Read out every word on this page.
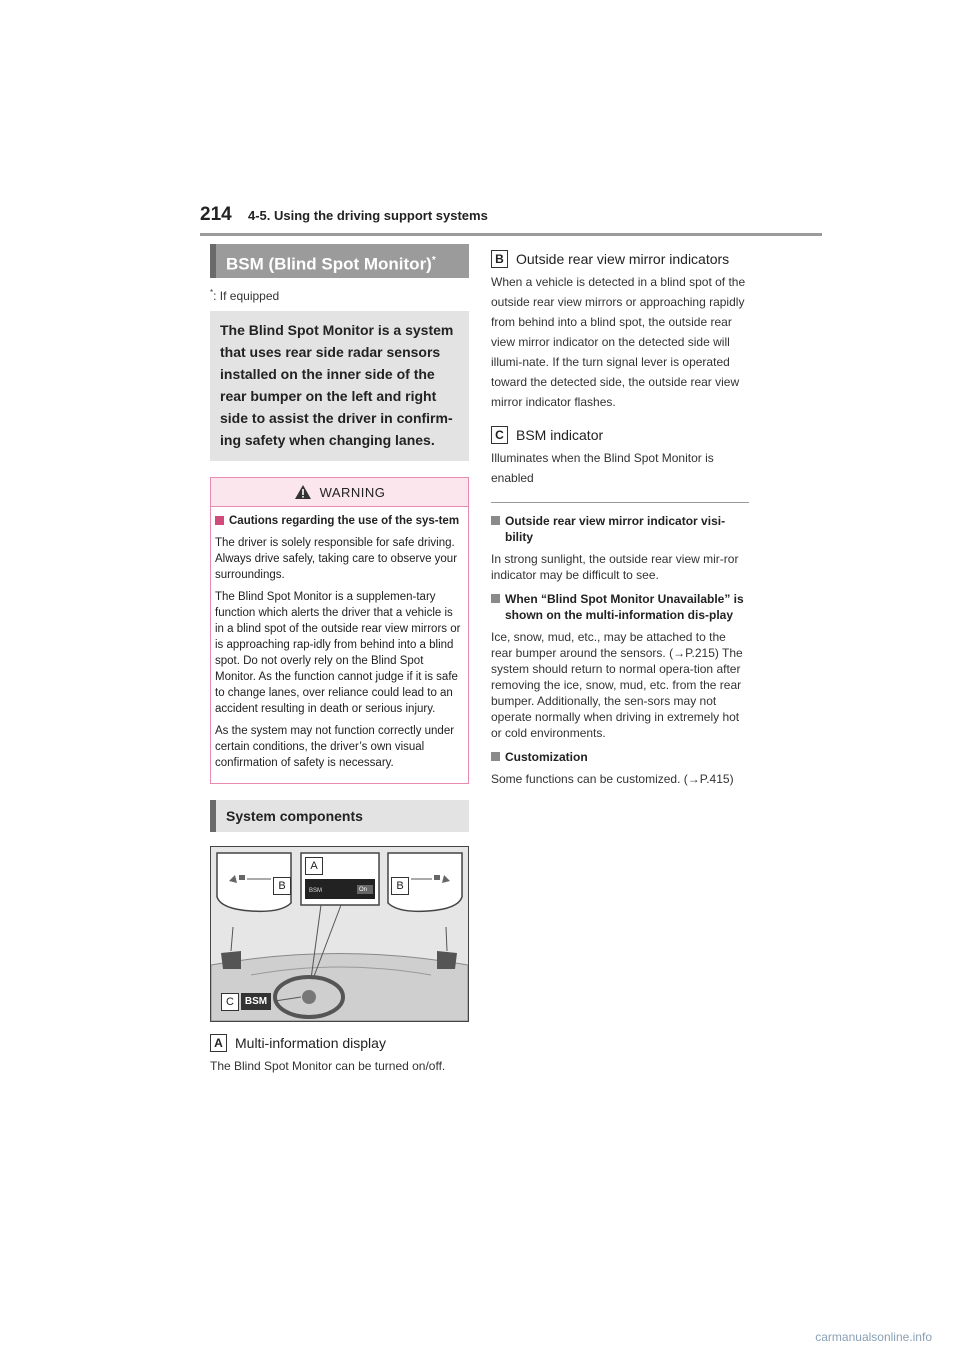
214 4-5. Using the driving support systems
BSM (Blind Spot Monitor)*
*: If equipped
The Blind Spot Monitor is a system that uses rear side radar sensors installed on the inner side of the rear bumper on the left and right side to assist the driver in confirm-ing safety when changing lanes.
WARNING
Cautions regarding the use of the sys-tem

The driver is solely responsible for safe driving. Always drive safely, taking care to observe your surroundings.

The Blind Spot Monitor is a supplemen-tary function which alerts the driver that a vehicle is in a blind spot of the outside rear view mirrors or is approaching rap-idly from behind into a blind spot. Do not overly rely on the Blind Spot Monitor. As the function cannot judge if it is safe to change lanes, over reliance could lead to an accident resulting in death or serious injury.

As the system may not function correctly under certain conditions, the driver’s own visual confirmation of safety is necessary.

System components
A
B	B
BSM	On
C	BSM
A Multi-information display
The Blind Spot Monitor can be turned on/off.
B Outside rear view mirror indicators
When a vehicle is detected in a blind spot of the outside rear view mirrors or approaching rapidly from behind into a blind spot, the outside rear view mirror indicator on the detected side will illumi-nate. If the turn signal lever is operated toward the detected side, the outside rear view mirror indicator flashes.
C BSM indicator
Illuminates when the Blind Spot Monitor is enabled
Outside rear view mirror indicator visi-bility
In strong sunlight, the outside rear view mir-ror indicator may be difficult to see.
When “Blind Spot Monitor Unavailable” is shown on the multi-information dis-play
Ice, snow, mud, etc., may be attached to the rear bumper around the sensors. (→P.215) The system should return to normal opera-tion after removing the ice, snow, mud, etc. from the rear bumper. Additionally, the sen-sors may not operate normally when driving in extremely hot or cold environments.
Customization
Some functions can be customized. (→P.415)
carmanualsonline.info
